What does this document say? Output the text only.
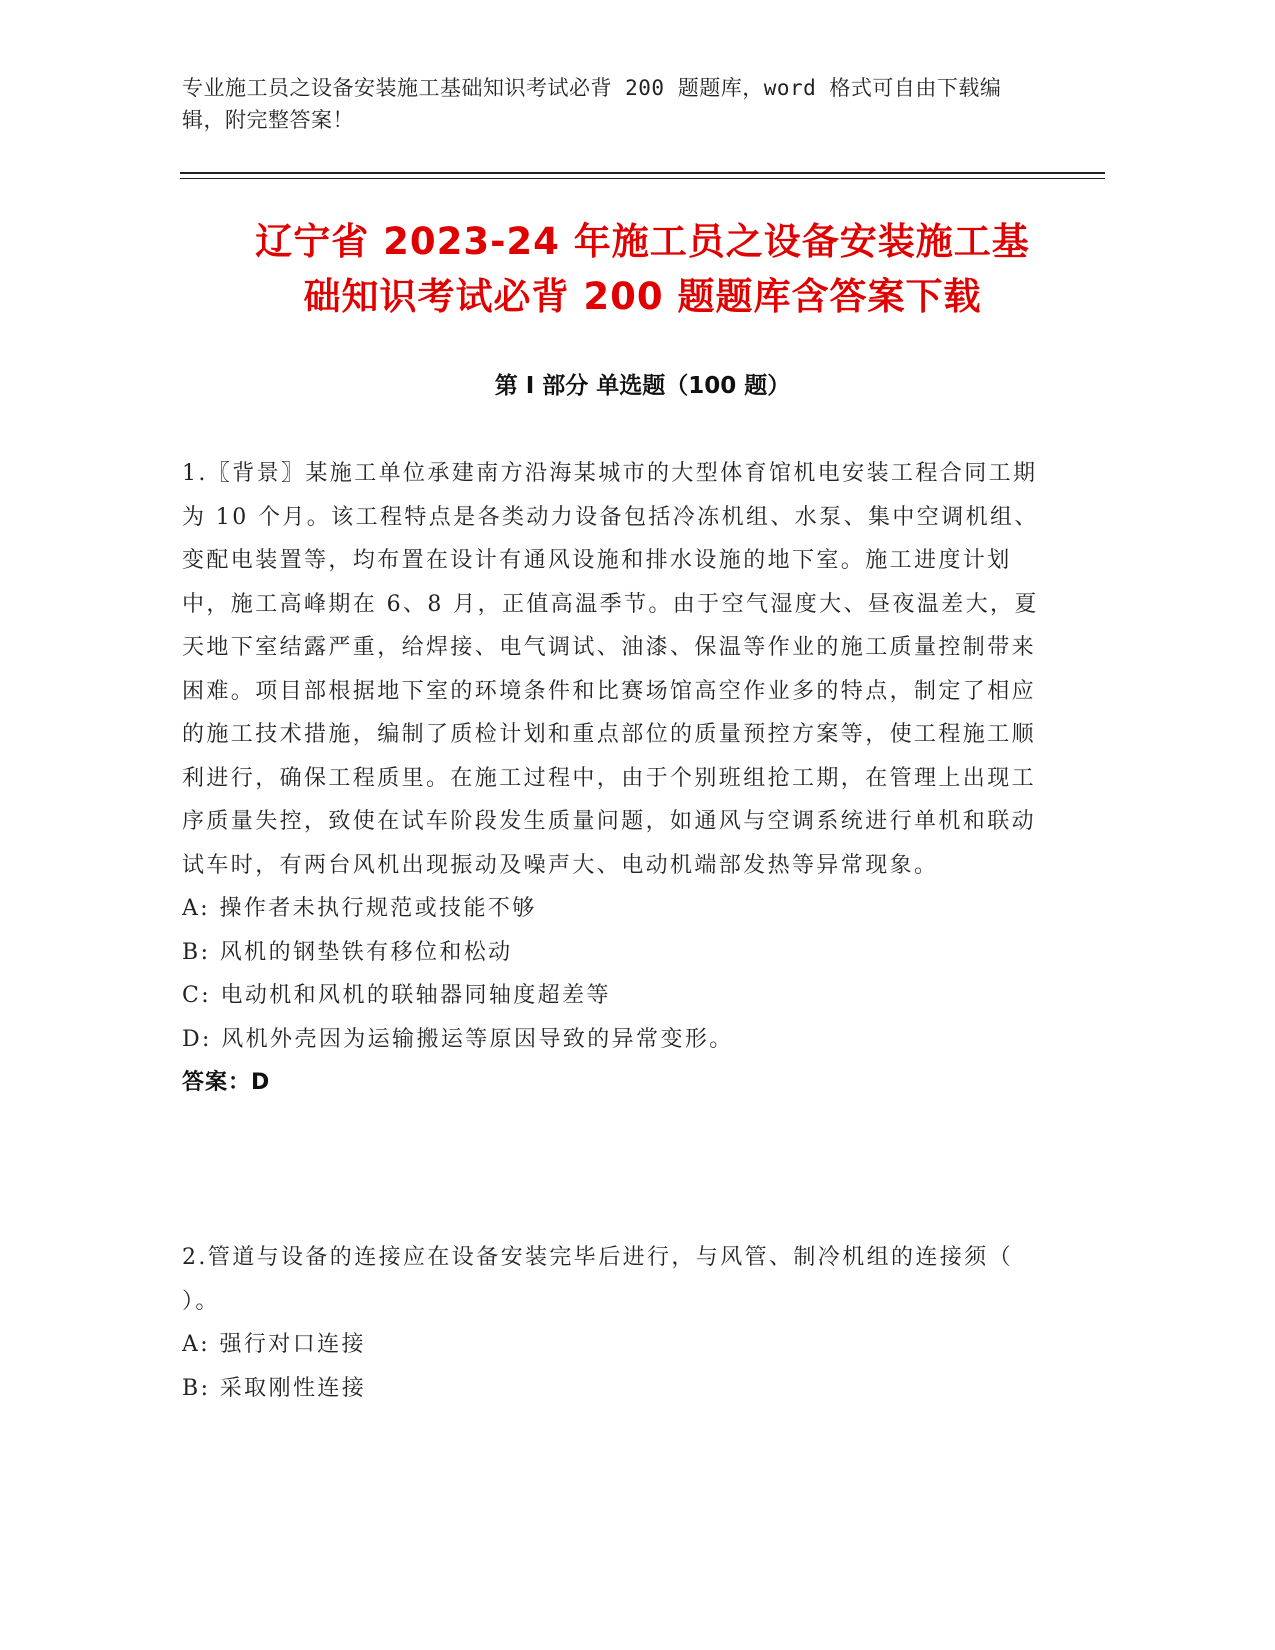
专业施工员之设备安装施工基础知识考试必背 200 题题库，word 格式可自由下载编辑，附完整答案！
辽宁省 2023-24 年施工员之设备安装施工基
础知识考试必背 200 题题库含答案下载
第 I 部分 单选题（100 题）
1.〖背景〗某施工单位承建南方沿海某城市的大型体育馆机电安装工程合同工期为 10 个月。该工程特点是各类动力设备包括冷冻机组、水泵、集中空调机组、变配电装置等，均布置在设计有通风设施和排水设施的地下室。施工进度计划中，施工高峰期在 6、8 月，正值高温季节。由于空气湿度大、昼夜温差大，夏天地下室结露严重，给焊接、电气调试、油漆、保温等作业的施工质量控制带来困难。项目部根据地下室的环境条件和比赛场馆高空作业多的特点，制定了相应的施工技术措施，编制了质检计划和重点部位的质量预控方案等，使工程施工顺利进行，确保工程质里。在施工过程中，由于个别班组抢工期，在管理上出现工序质量失控，致使在试车阶段发生质量问题，如通风与空调系统进行单机和联动试车时，有两台风机出现振动及噪声大、电动机端部发热等异常现象。
A: 操作者未执行规范或技能不够
B: 风机的钢垫铁有移位和松动
C: 电动机和风机的联轴器同轴度超差等
D: 风机外壳因为运输搬运等原因导致的异常变形。
答案：D
2.管道与设备的连接应在设备安装完毕后进行，与风管、制冷机组的连接须（ ）。
A: 强行对口连接
B: 采取刚性连接
